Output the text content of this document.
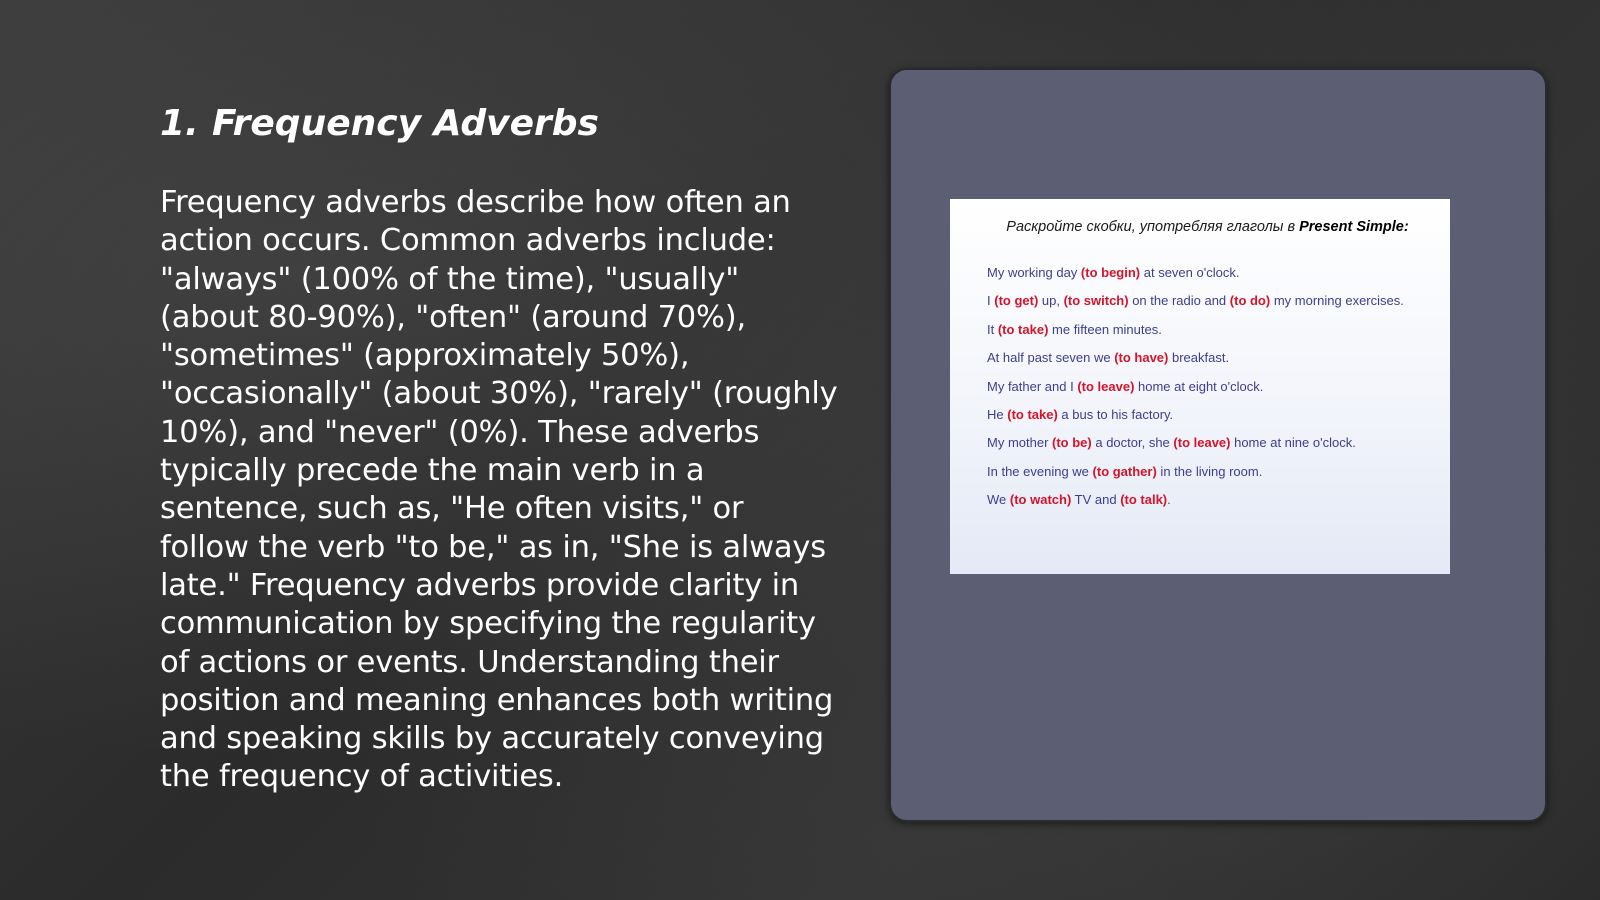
1. Frequency Adverbs

Frequency adverbs describe how often an action occurs. Common adverbs include: "always" (100% of the time), "usually" (about 80-90%), "often" (around 70%), "sometimes" (approximately 50%), "occasionally" (about 30%), "rarely" (roughly 10%), and "never" (0%). These adverbs typically precede the main verb in a sentence, such as, "He often visits," or follow the verb "to be," as in, "She is always late." Frequency adverbs provide clarity in communication by specifying the regularity of actions or events. Understanding their position and meaning enhances both writing and speaking skills by accurately conveying the frequency of activities.

Раскройте скобки, употребляя глаголы в Present Simple:

My working day (to begin) at seven o'clock.
I (to get) up, (to switch) on the radio and (to do) my morning exercises.
It (to take) me fifteen minutes.
At half past seven we (to have) breakfast.
My father and I (to leave) home at eight o'clock.
He (to take) a bus to his factory.
My mother (to be) a doctor, she (to leave) home at nine o'clock.
In the evening we (to gather) in the living room.
We (to watch) TV and (to talk).
